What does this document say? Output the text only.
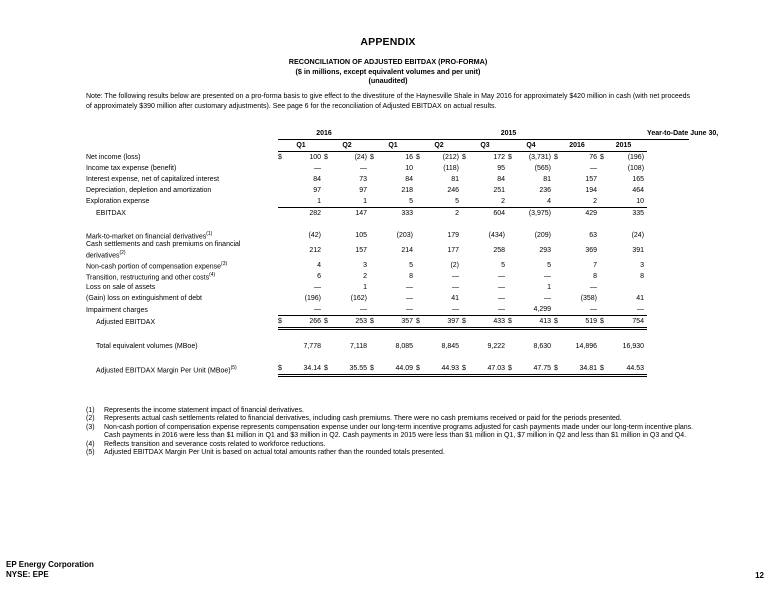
APPENDIX
RECONCILIATION OF ADJUSTED EBITDAX (PRO-FORMA)
($ in millions, except equivalent volumes and per unit)
(unaudited)
Note: The following results below are presented on a pro-forma basis to give effect to the divestiture of the Haynesville Shale in May 2016 for approximately $420 million in cash (with net proceeds of approximately $390 million after customary adjustments). See page 6 for the reconciliation of Adjusted EBITDAX on actual results.
	2016				2015												Year-to-Date June 30,
	Q1		Q2		Q1		Q2		Q3		Q4		2016		2015		
Net income (loss)	$	100	$	(24)	$	16	$	(212)	$	172	$	(3,731)	$	76	$	(196)	
Income tax expense (benefit)		—		—		10		(118)		95		(565)		—		(108)	
Interest expense, net of capitalized interest		84		73		84		81		84		81		157		165	
Depreciation, depletion and amortization		97		97		218		246		251		236		194		464	
Exploration expense		1		1		5		5		2		4		2		10	
EBITDAX		282		147		333		2		604		(3,975)		429		335	

Mark-to-market on financial derivatives$^{(1)}$		(42)		105		(203)		179		(434)		(209)		63		(24)	
Cash settlements and cash premiums on financial derivatives$^{(2)}$		212		157		214		177		258		293		369		391	
Non-cash portion of compensation expense$^{(3)}$		4		3		5		(2)		5		5		7		3	
Transition, restructuring and other costs$^{(4)}$		6		2		8		—		—		—		8		8	
Loss on sale of assets		—		1		—		—		—		1		—			
(Gain) loss on extinguishment of debt		(196)		(162)		—		41		—		—		(358)		41	
Impairment charges		—		—		—		—		—		4,299		—		—	
Adjusted EBITDAX	$	266	$	253	$	357	$	397	$	433	$	413	$	519	$	754	

Total equivalent volumes (MBoe)		7,778		7,118		8,085		8,845		9,222		8,630		14,896		16,930	

Adjusted EBITDAX Margin Per Unit (MBoe)$^{(5)}$	$	34.14	$	35.55	$	44.09	$	44.93	$	47.03	$	47.75	$	34.81	$	44.53	
(1)	Represents the income statement impact of financial derivatives.
(2)	Represents actual cash settlements related to financial derivatives, including cash premiums. There were no cash premiums received or paid for the periods presented.
(3)	Non-cash portion of compensation expense represents compensation expense under our long-term incentive programs adjusted for cash payments made under our long-term incentive plans. Cash payments in 2016 were less than $1 million in Q1 and $3 million in Q2. Cash payments in 2015 were less than $1 million in Q1, $7 million in Q2 and less than $1 million in Q3 and Q4.
(4)	Reflects transition and severance costs related to workforce reductions.
(5)	Adjusted EBITDAX Margin Per Unit is based on actual total amounts rather than the rounded totals presented.
EP Energy Corporation
NYSE: EPE	12
